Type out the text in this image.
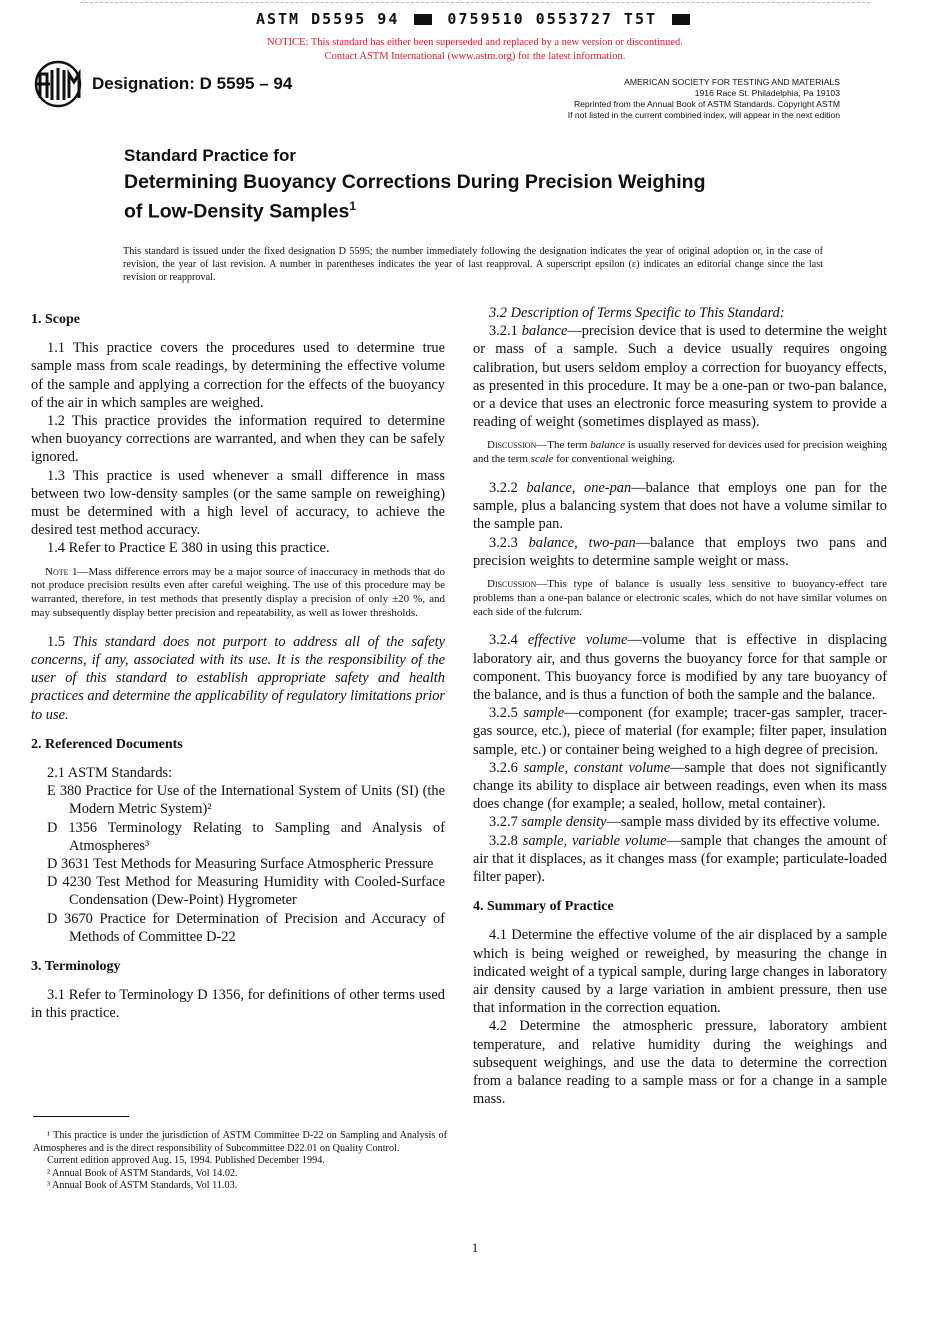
ASTM D5595 94	0759510 0553727 T5T
NOTICE: This standard has either been superseded and replaced by a new version or discontinued.
Contact ASTM International (www.astm.org) for the latest information.
Designation: D 5595 – 94	AMERICAN SOCIETY FOR TESTING AND MATERIALS
1916 Race St. Philadelphia, Pa 19103
Reprinted from the Annual Book of ASTM Standards. Copyright ASTM
If not listed in the current combined index, will appear in the next edition
Standard Practice for
Determining Buoyancy Corrections During Precision Weighing
of Low-Density Samples$^1$
This standard is issued under the fixed designation D 5595; the number immediately following the designation indicates the year of original adoption or, in the case of revision, the year of last revision. A number in parentheses indicates the year of last reapproval. A superscript epsilon (ε) indicates an editorial change since the last revision or reapproval.

1. Scope

1.1 This practice covers the procedures used to determine true sample mass from scale readings, by determining the effective volume of the sample and applying a correction for the effects of the buoyancy of the air in which samples are weighed.

1.2 This practice provides the information required to determine when buoyancy corrections are warranted, and when they can be safely ignored.

1.3 This practice is used whenever a small difference in mass between two low-density samples (or the same sample on reweighing) must be determined with a high level of accuracy, to achieve the desired test method accuracy.

1.4 Refer to Practice E 380 in using this practice.

Note 1—Mass difference errors may be a major source of inaccuracy in methods that do not produce precision results even after careful weighing. The use of this procedure may be warranted, therefore, in test methods that presently display a precision of only ±20 %, and may subsequently display better precision and repeatability, as well as lower thresholds.

1.5 This standard does not purport to address all of the safety concerns, if any, associated with its use. It is the responsibility of the user of this standard to establish appropriate safety and health practices and determine the applicability of regulatory limitations prior to use.

2. Referenced Documents

2.1 ASTM Standards:

E 380 Practice for Use of the International System of Units (SI) (the Modern Metric System)²

D 1356 Terminology Relating to Sampling and Analysis of Atmospheres³

D 3631 Test Methods for Measuring Surface Atmospheric Pressure

D 4230 Test Method for Measuring Humidity with Cooled-Surface Condensation (Dew-Point) Hygrometer

D 3670 Practice for Determination of Precision and Accuracy of Methods of Committee D-22

3. Terminology

3.1 Refer to Terminology D 1356, for definitions of other terms used in this practice.

3.2 Description of Terms Specific to This Standard:

3.2.1 balance—precision device that is used to determine the weight or mass of a sample. Such a device usually requires ongoing calibration, but users seldom employ a correction for buoyancy effects, as presented in this procedure. It may be a one-pan or two-pan balance, or a device that uses an electronic force measuring system to provide a reading of weight (sometimes displayed as mass).

Discussion—The term balance is usually reserved for devices used for precision weighing and the term scale for conventional weighing.

3.2.2 balance, one-pan—balance that employs one pan for the sample, plus a balancing system that does not have a volume similar to the sample pan.

3.2.3 balance, two-pan—balance that employs two pans and precision weights to determine sample weight or mass.

Discussion—This type of balance is usually less sensitive to buoyancy-effect tare problems than a one-pan balance or electronic scales, which do not have similar volumes on each side of the fulcrum.

3.2.4 effective volume—volume that is effective in displacing laboratory air, and thus governs the buoyancy force for that sample or component. This buoyancy force is modified by any tare buoyancy of the balance, and is thus a function of both the sample and the balance.

3.2.5 sample—component (for example; tracer-gas sampler, tracer-gas source, etc.), piece of material (for example; filter paper, insulation sample, etc.) or container being weighed to a high degree of precision.

3.2.6 sample, constant volume—sample that does not significantly change its ability to displace air between readings, even when its mass does change (for example; a sealed, hollow, metal container).

3.2.7 sample density—sample mass divided by its effective volume.

3.2.8 sample, variable volume—sample that changes the amount of air that it displaces, as it changes mass (for example; particulate-loaded filter paper).

4. Summary of Practice

4.1 Determine the effective volume of the air displaced by a sample which is being weighed or reweighed, by measuring the change in indicated weight of a typical sample, during large changes in laboratory air density caused by a large variation in ambient pressure, then use that information in the correction equation.

4.2 Determine the atmospheric pressure, laboratory ambient temperature, and relative humidity during the weighings and subsequent weighings, and use the data to determine the correction from a balance reading to a sample mass or for a change in a sample mass.

¹ This practice is under the jurisdiction of ASTM Committee D-22 on Sampling and Analysis of Atmospheres and is the direct responsibility of Subcommittee D22.01 on Quality Control.

Current edition approved Aug. 15, 1994. Published December 1994.

² Annual Book of ASTM Standards, Vol 14.02.

³ Annual Book of ASTM Standards, Vol 11.03.

1
